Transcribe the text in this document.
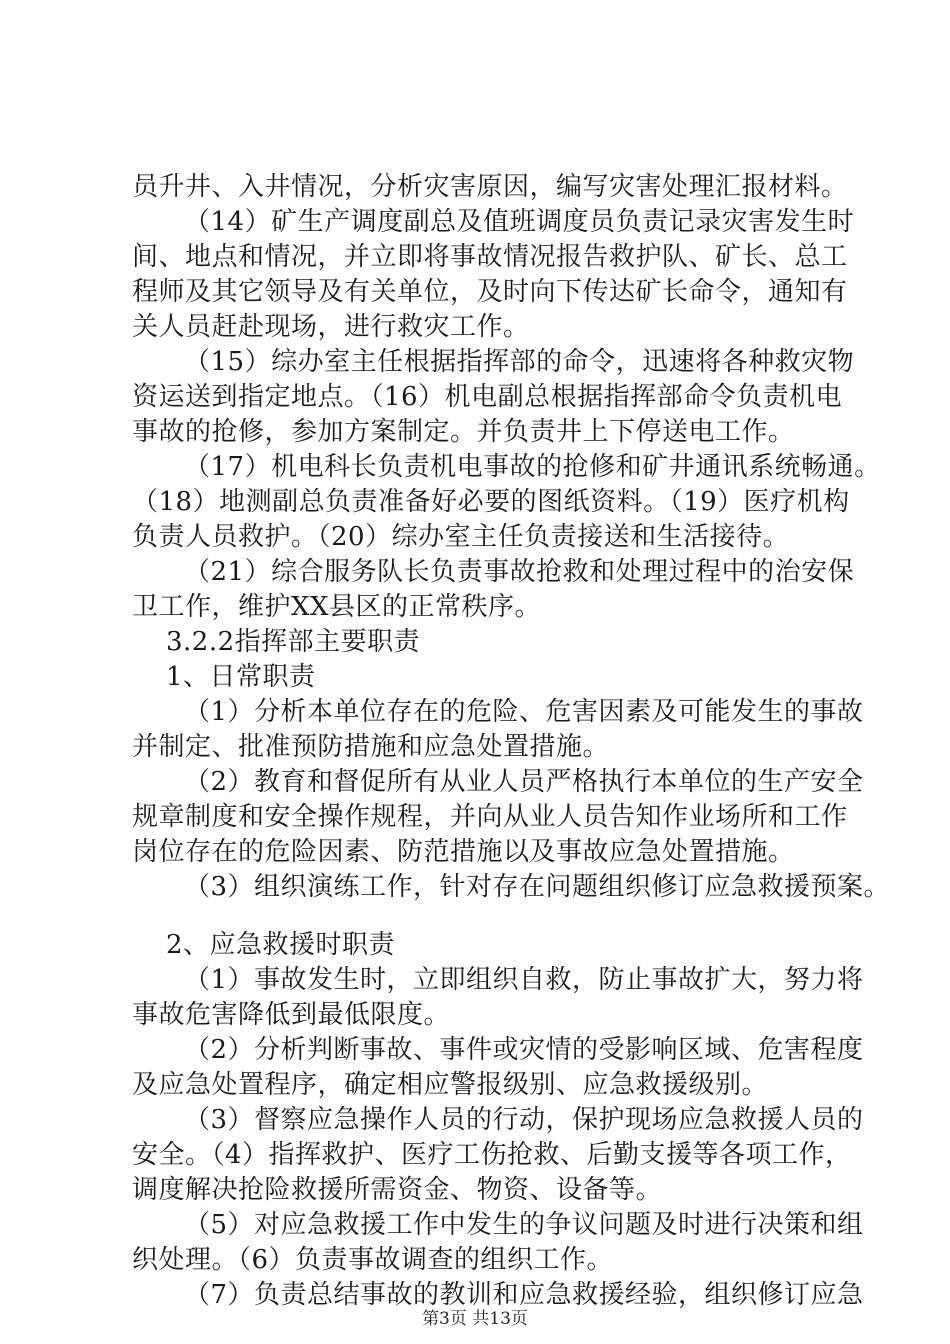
员升井、入井情况，分析灾害原因，编写灾害处理汇报材料。
（14）矿生产调度副总及值班调度员负责记录灾害发生时
间、地点和情况，并立即将事故情况报告救护队、矿长、总工
程师及其它领导及有关单位，及时向下传达矿长命令，通知有
关人员赶赴现场，进行救灾工作。
（15）综办室主任根据指挥部的命令，迅速将各种救灾物
资运送到指定地点。（16）机电副总根据指挥部命令负责机电
事故的抢修，参加方案制定。并负责井上下停送电工作。
（17）机电科长负责机电事故的抢修和矿井通讯系统畅通。
（18）地测副总负责准备好必要的图纸资料。（19）医疗机构
负责人员救护。（20）综办室主任负责接送和生活接待。
（21）综合服务队长负责事故抢救和处理过程中的治安保
卫工作，维护XX县区的正常秩序。
3.2.2指挥部主要职责
1、日常职责
（1）分析本单位存在的危险、危害因素及可能发生的事故
并制定、批准预防措施和应急处置措施。
（2）教育和督促所有从业人员严格执行本单位的生产安全
规章制度和安全操作规程，并向从业人员告知作业场所和工作
岗位存在的危险因素、防范措施以及事故应急处置措施。
（3）组织演练工作，针对存在问题组织修订应急救援预案。
2、应急救援时职责
（1）事故发生时，立即组织自救，防止事故扩大，努力将
事故危害降低到最低限度。
（2）分析判断事故、事件或灾情的受影响区域、危害程度
及应急处置程序，确定相应警报级别、应急救援级别。
（3）督察应急操作人员的行动，保护现场应急救援人员的
安全。（4）指挥救护、医疗工伤抢救、后勤支援等各项工作，
调度解决抢险救援所需资金、物资、设备等。
（5）对应急救援工作中发生的争议问题及时进行决策和组
织处理。（6）负责事故调查的组织工作。
（7）负责总结事故的教训和应急救援经验，组织修订应急
第3页 共13页
